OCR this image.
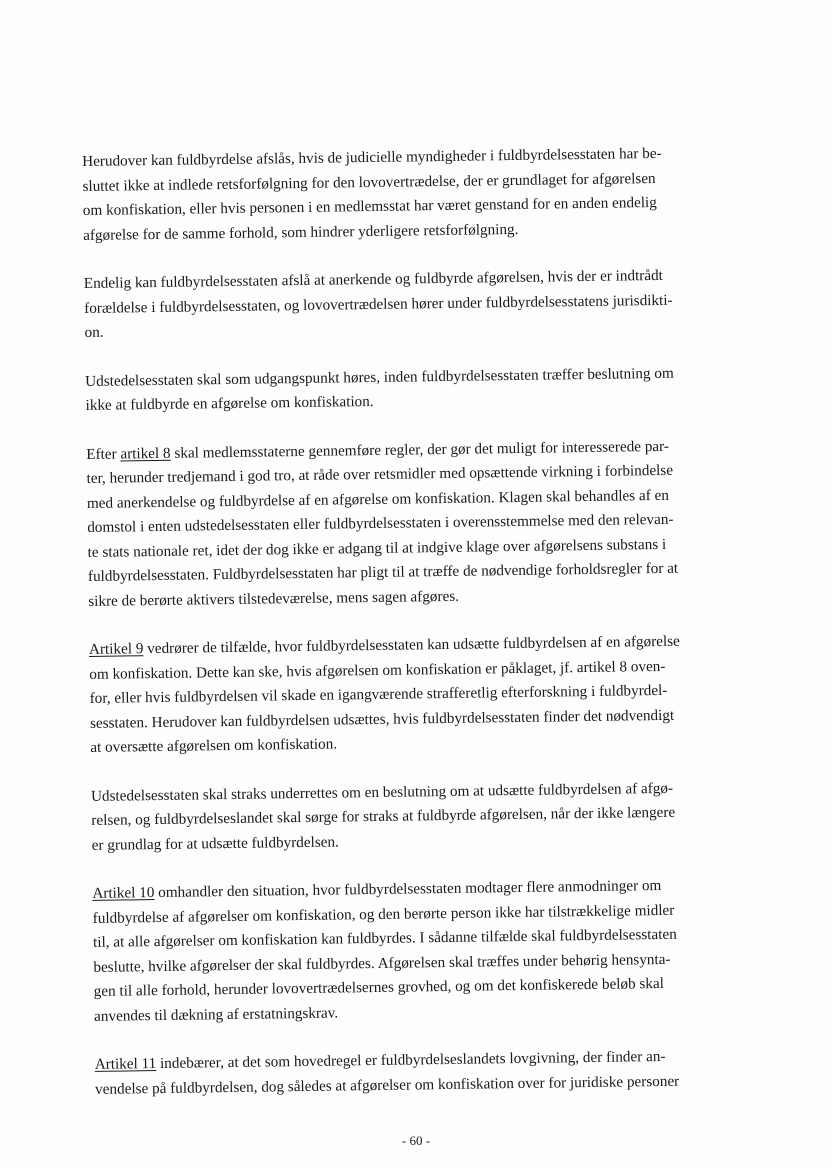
Herudover kan fuldbyrdelse afslås, hvis de judicielle myndigheder i fuldbyrdelsesstaten har be-
sluttet ikke at indlede retsforfølgning for den lovovertrædelse, der er grundlaget for afgørelsen
om konfiskation, eller hvis personen i en medlemsstat har været genstand for en anden endelig
afgørelse for de samme forhold, som hindrer yderligere retsforfølgning.
Endelig kan fuldbyrdelsesstaten afslå at anerkende og fuldbyrde afgørelsen, hvis der er indtrådt
forældelse i fuldbyrdelsesstaten, og lovovertrædelsen hører under fuldbyrdelsesstatens jurisdikti-
on.
Udstedelsesstaten skal som udgangspunkt høres, inden fuldbyrdelsesstaten træffer beslutning om
ikke at fuldbyrde en afgørelse om konfiskation.
Efter artikel 8 skal medlemsstaterne gennemføre regler, der gør det muligt for interesserede par-
ter, herunder tredjemand i god tro, at råde over retsmidler med opsættende virkning i forbindelse
med anerkendelse og fuldbyrdelse af en afgørelse om konfiskation. Klagen skal behandles af en
domstol i enten udstedelsesstaten eller fuldbyrdelsesstaten i overensstemmelse med den relevan-
te stats nationale ret, idet der dog ikke er adgang til at indgive klage over afgørelsens substans i
fuldbyrdelsesstaten. Fuldbyrdelsesstaten har pligt til at træffe de nødvendige forholdsregler for at
sikre de berørte aktivers tilstedeværelse, mens sagen afgøres.
Artikel 9 vedrører de tilfælde, hvor fuldbyrdelsesstaten kan udsætte fuldbyrdelsen af en afgørelse
om konfiskation. Dette kan ske, hvis afgørelsen om konfiskation er påklaget, jf. artikel 8 oven-
for, eller hvis fuldbyrdelsen vil skade en igangværende strafferetlig efterforskning i fuldbyrdel-
sesstaten. Herudover kan fuldbyrdelsen udsættes, hvis fuldbyrdelsesstaten finder det nødvendigt
at oversætte afgørelsen om konfiskation.
Udstedelsesstaten skal straks underrettes om en beslutning om at udsætte fuldbyrdelsen af afgø-
relsen, og fuldbyrdelseslandet skal sørge for straks at fuldbyrde afgørelsen, når der ikke længere
er grundlag for at udsætte fuldbyrdelsen.
Artikel 10 omhandler den situation, hvor fuldbyrdelsesstaten modtager flere anmodninger om
fuldbyrdelse af afgørelser om konfiskation, og den berørte person ikke har tilstrækkelige midler
til, at alle afgørelser om konfiskation kan fuldbyrdes. I sådanne tilfælde skal fuldbyrdelsesstaten
beslutte, hvilke afgørelser der skal fuldbyrdes. Afgørelsen skal træffes under behørig hensynta-
gen til alle forhold, herunder lovovertrædelsernes grovhed, og om det konfiskerede beløb skal
anvendes til dækning af erstatningskrav.
Artikel 11 indebærer, at det som hovedregel er fuldbyrdelseslandets lovgivning, der finder an-
vendelse på fuldbyrdelsen, dog således at afgørelser om konfiskation over for juridiske personer
- 60 -
